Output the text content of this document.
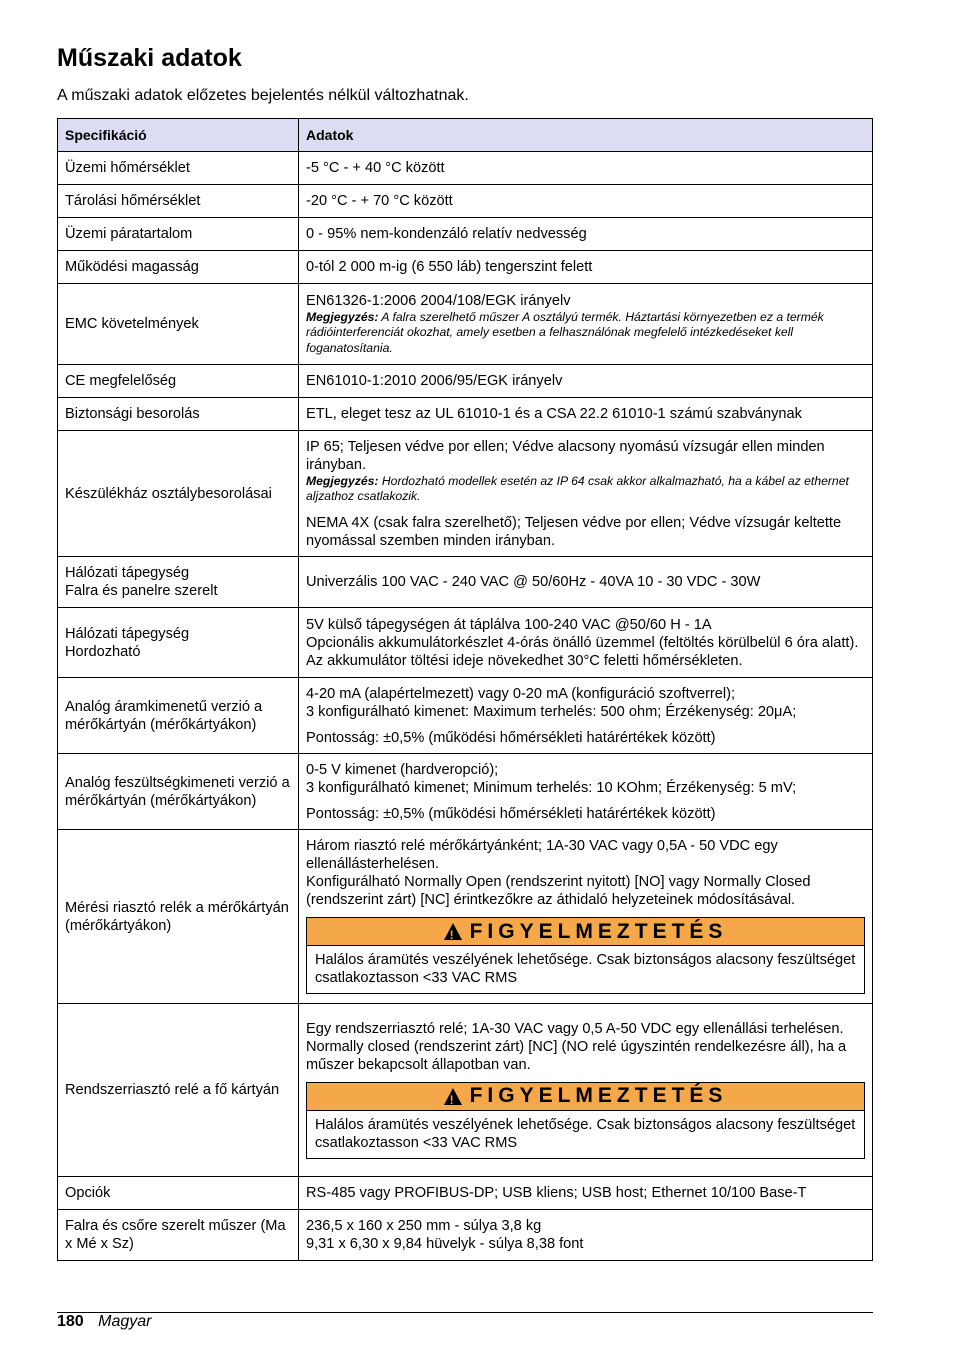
Műszaki adatok
A műszaki adatok előzetes bejelentés nélkül változhatnak.
Specifikáció	Adatok
Üzemi hőmérséklet	-5 °C - + 40 °C között
Tárolási hőmérséklet	-20 °C - + 70 °C között
Üzemi páratartalom	0 - 95% nem-kondenzáló relatív nedvesség
Működési magasság	0-tól 2 000 m-ig (6 550 láb) tengerszint felett
EMC követelmények	EN61326-1:2006 2004/108/EGK irányelv
Megjegyzés: A falra szerelhető műszer A osztályú termék. Háztartási környezetben ez a termék rádióinterferenciát okozhat, amely esetben a felhasználónak megfelelő intézkedéseket kell foganatosítania.

CE megfelelőség	EN61010-1:2010 2006/95/EGK irányelv
Biztonsági besorolás	ETL, eleget tesz az UL 61010-1 és a CSA 22.2 61010-1 számú szabványnak
Készülékház osztálybesorolásai	IP 65; Teljesen védve por ellen; Védve alacsony nyomású vízsugár ellen minden irányban.
Megjegyzés: Hordozható modellek esetén az IP 64 csak akkor alkalmazható, ha a kábel az ethernet aljzathoz csatlakozik.
NEMA 4X (csak falra szerelhető); Teljesen védve por ellen; Védve vízsugár keltette nyomással szemben minden irányban.

Hálózati tápegység
Falra és panelre szerelt	Univerzális 100 VAC - 240 VAC @ 50/60Hz - 40VA 10 - 30 VDC - 30W

Hálózati tápegység
Hordozható	5V külső tápegységen át táplálva 100-240 VAC @50/60 H - 1A
Opcionális akkumulátorkészlet 4-órás önálló üzemmel (feltöltés körülbelül 6 óra alatt). Az akkumulátor töltési ideje növekedhet 30°C feletti hőmérsékleten.

Analóg áramkimenetű verzió a mérőkártyán (mérőkártyákon)	4-20 mA (alapértelmezett) vagy 0-20 mA (konfiguráció szoftverrel);
3 konfigurálható kimenet: Maximum terhelés: 500 ohm; Érzékenység: 20μA;
Pontosság: ±0,5% (működési hőmérsékleti határértékek között)

Analóg feszültségkimeneti verzió a mérőkártyán (mérőkártyákon)	0-5 V kimenet (hardveropció);
3 konfigurálható kimenet; Minimum terhelés: 10 KOhm; Érzékenység: 5 mV;
Pontosság: ±0,5% (működési hőmérsékleti határértékek között)

Mérési riasztó relék a mérőkártyán (mérőkártyákon)	Három riasztó relé mérőkártyánként; 1A-30 VAC vagy 0,5A - 50 VDC egy ellenállásterhelésen.
Konfigurálható Normally Open (rendszerint nyitott) [NO] vagy Normally Closed (rendszerint zárt) [NC] érintkezőkre az áthidaló helyzeteinek módosításával.
!
FIGYELMEZTETÉS
Halálos áramütés veszélyének lehetősége. Csak biztonságos alacsony feszültséget csatlakoztasson <33 VAC RMS

Rendszerriasztó relé a fő kártyán	Egy rendszerriasztó relé; 1A-30 VAC vagy 0,5 A-50 VDC egy ellenállási terhelésen.
Normally closed (rendszerint zárt) [NC] (NO relé úgyszintén rendelkezésre áll), ha a műszer bekapcsolt állapotban van.
!
FIGYELMEZTETÉS
Halálos áramütés veszélyének lehetősége. Csak biztonságos alacsony feszültséget csatlakoztasson <33 VAC RMS

Opciók	RS-485 vagy PROFIBUS-DP; USB kliens; USB host; Ethernet 10/100 Base-T
Falra és csőre szerelt műszer (Ma x Mé x Sz)	236,5 x 160 x 250 mm - súlya 3,8 kg
9,31 x 6,30 x 9,84 hüvelyk - súlya 8,38 font
180 Magyar
